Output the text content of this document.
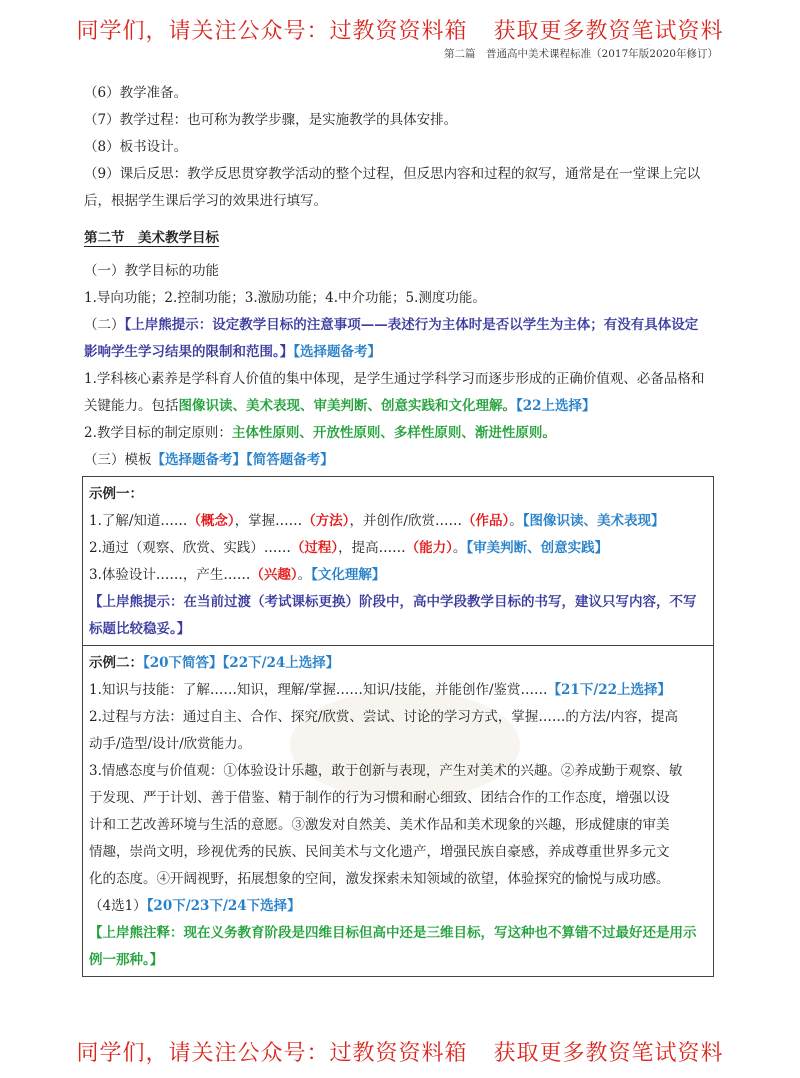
同学们，请关注公众号：过教资资料箱 获取更多教资笔试资料
第二篇　普通高中美术课程标准（2017年版2020年修订）
（6）教学准备。
（7）教学过程：也可称为教学步骤，是实施教学的具体安排。
（8）板书设计。
（9）课后反思：教学反思贯穿教学活动的整个过程，但反思内容和过程的叙写，通常是在一堂课上完以
后，根据学生课后学习的效果进行填写。
第二节　美术教学目标
（一）教学目标的功能
1.导向功能；2.控制功能；3.激励功能；4.中介功能；5.测度功能。
（二）【上岸熊提示：设定教学目标的注意事项——表述行为主体时是否以学生为主体；有没有具体设定
影响学生学习结果的限制和范围。】【选择题备考】
1.学科核心素养是学科育人价值的集中体现，是学生通过学科学习而逐步形成的正确价值观、必备品格和
关键能力。包括图像识读、美术表现、审美判断、创意实践和文化理解。【22上选择】
2.教学目标的制定原则：主体性原则、开放性原则、多样性原则、渐进性原则。
（三）模板【选择题备考】【简答题备考】
示例一：
1.了解/知道……（概念），掌握……（方法），并创作/欣赏……（作品）。【图像识读、美术表现】
2.通过（观察、欣赏、实践）……（过程），提高……（能力）。【审美判断、创意实践】
3.体验设计……，产生……（兴趣）。【文化理解】
【上岸熊提示：在当前过渡（考试课标更换）阶段中，高中学段教学目标的书写，建议只写内容，不写
标题比较稳妥。】
示例二：【20下简答】【22下/24上选择】
1.知识与技能：了解……知识，理解/掌握……知识/技能，并能创作/鉴赏……【21下/22上选择】
2.过程与方法：通过自主、合作、探究/欣赏、尝试、讨论的学习方式，掌握……的方法/内容，提高
动手/造型/设计/欣赏能力。
3.情感态度与价值观：①体验设计乐趣，敢于创新与表现，产生对美术的兴趣。②养成勤于观察、敏
于发现、严于计划、善于借鉴、精于制作的行为习惯和耐心细致、团结合作的工作态度，增强以设
计和工艺改善环境与生活的意愿。③激发对自然美、美术作品和美术现象的兴趣，形成健康的审美
情趣，崇尚文明，珍视优秀的民族、民间美术与文化遗产，增强民族自豪感，养成尊重世界多元文
化的态度。④开阔视野，拓展想象的空间，激发探索未知领域的欲望，体验探究的愉悦与成功感。
（4选1）【20下/23下/24下选择】
【上岸熊注释：现在义务教育阶段是四维目标但高中还是三维目标，写这种也不算错不过最好还是用示
例一那种。】
同学们，请关注公众号：过教资资料箱 获取更多教资笔试资料
